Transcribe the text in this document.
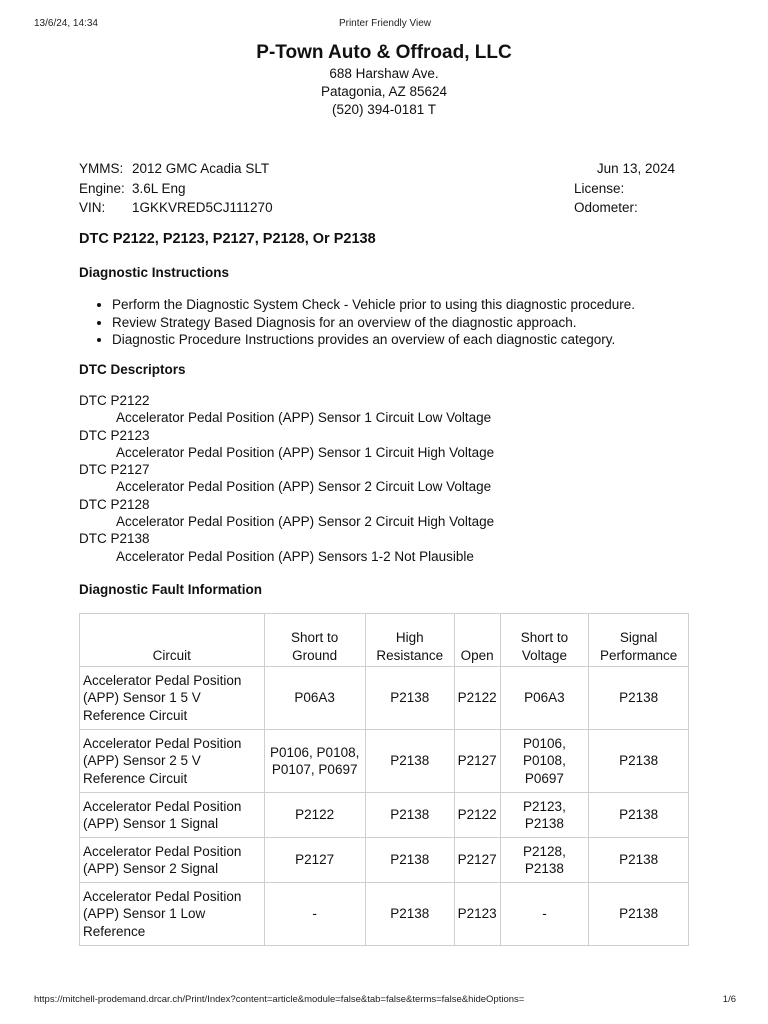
13/6/24, 14:34	Printer Friendly View
P-Town Auto & Offroad, LLC
688 Harshaw Ave.
Patagonia, AZ 85624
(520) 394-0181 T
YMMS: 2012 GMC Acadia SLT	Jun 13, 2024
Engine: 3.6L Eng	License:
VIN: 1GKKVRED5CJ111270	Odometer:
DTC P2122, P2123, P2127, P2128, Or P2138
Diagnostic Instructions
• Perform the Diagnostic System Check - Vehicle prior to using this diagnostic procedure.
• Review Strategy Based Diagnosis for an overview of the diagnostic approach.
• Diagnostic Procedure Instructions provides an overview of each diagnostic category.
DTC Descriptors
DTC P2122
Accelerator Pedal Position (APP) Sensor 1 Circuit Low Voltage
DTC P2123
Accelerator Pedal Position (APP) Sensor 1 Circuit High Voltage
DTC P2127
Accelerator Pedal Position (APP) Sensor 2 Circuit Low Voltage
DTC P2128
Accelerator Pedal Position (APP) Sensor 2 Circuit High Voltage
DTC P2138
Accelerator Pedal Position (APP) Sensors 1-2 Not Plausible
Diagnostic Fault Information
Circuit	Short to Ground	High Resistance	Open	Short to Voltage	Signal Performance
Accelerator Pedal Position (APP) Sensor 1 5 V Reference Circuit	P06A3	P2138	P2122	P06A3	P2138
Accelerator Pedal Position (APP) Sensor 2 5 V Reference Circuit	P0106, P0108, P0107, P0697	P2138	P2127	P0106, P0108, P0697	P2138
Accelerator Pedal Position (APP) Sensor 1 Signal	P2122	P2138	P2122	P2123, P2138	P2138
Accelerator Pedal Position (APP) Sensor 2 Signal	P2127	P2138	P2127	P2128, P2138	P2138
Accelerator Pedal Position (APP) Sensor 1 Low Reference	-	P2138	P2123	-	P2138
https://mitchell-prodemand.drcar.ch/Print/Index?content=article&module=false&tab=false&terms=false&hideOptions=	1/6
